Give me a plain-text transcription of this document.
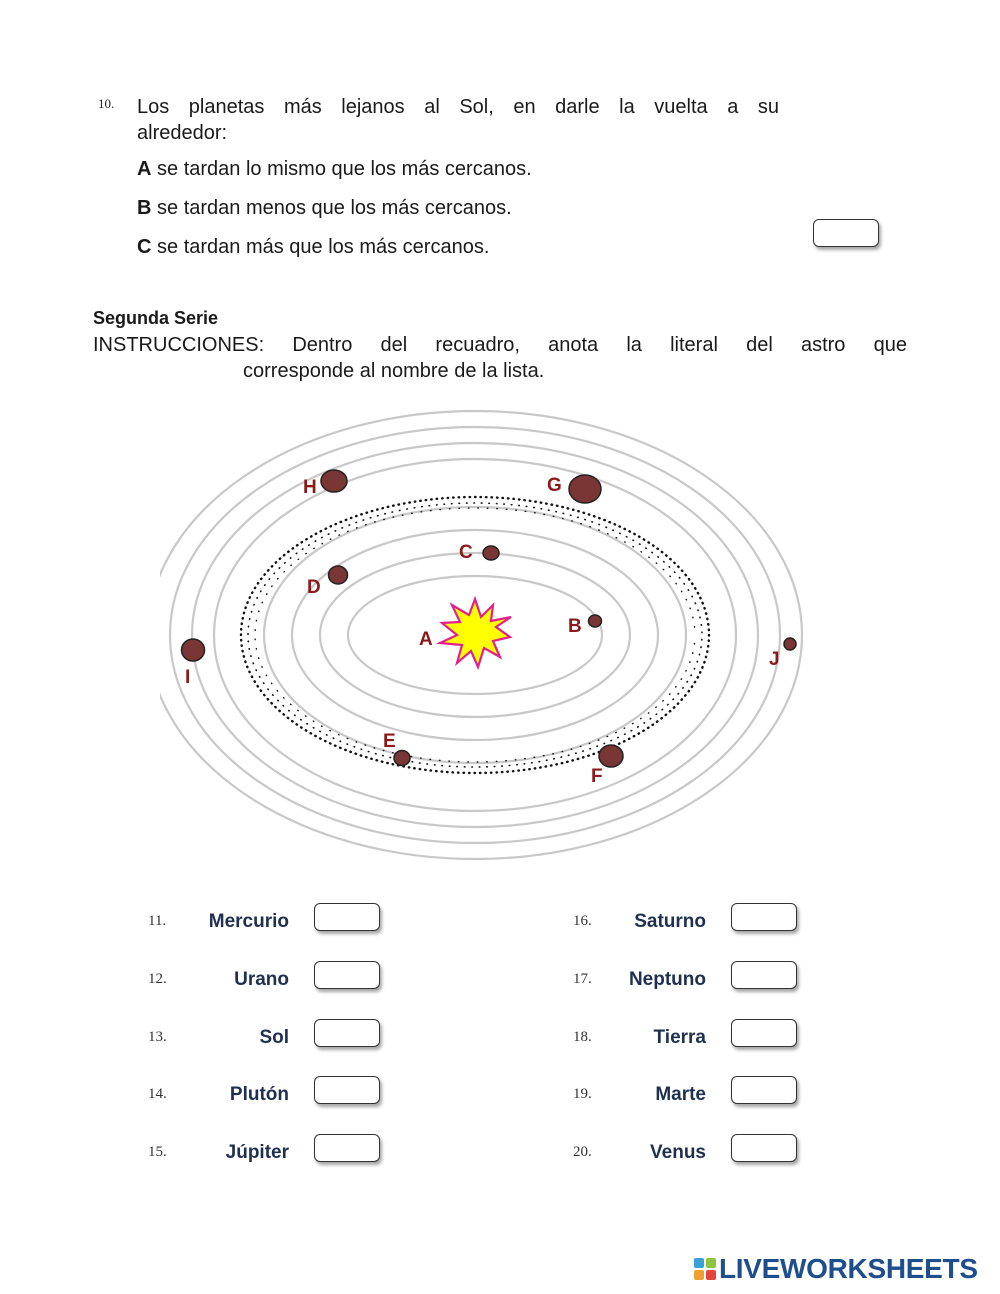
10. Los planetas más lejanos al Sol, en darle la vuelta a su
alrededor:
A se tardan lo mismo que los más cercanos.
B se tardan menos que los más cercanos.
C se tardan más que los más cercanos.
Segunda Serie
INSTRUCCIONES: Dentro del recuadro, anota la literal del astro que
corresponde al nombre de la lista.
A
B
C
D
E
F
G
H
I
J
11.	Mercurio
12.	Urano
13.	Sol
14.	Plutón
15.	Júpiter
16.	Saturno
17.	Neptuno
18.	Tierra
19.	Marte
20.	Venus
LIVEWORKSHEETS
